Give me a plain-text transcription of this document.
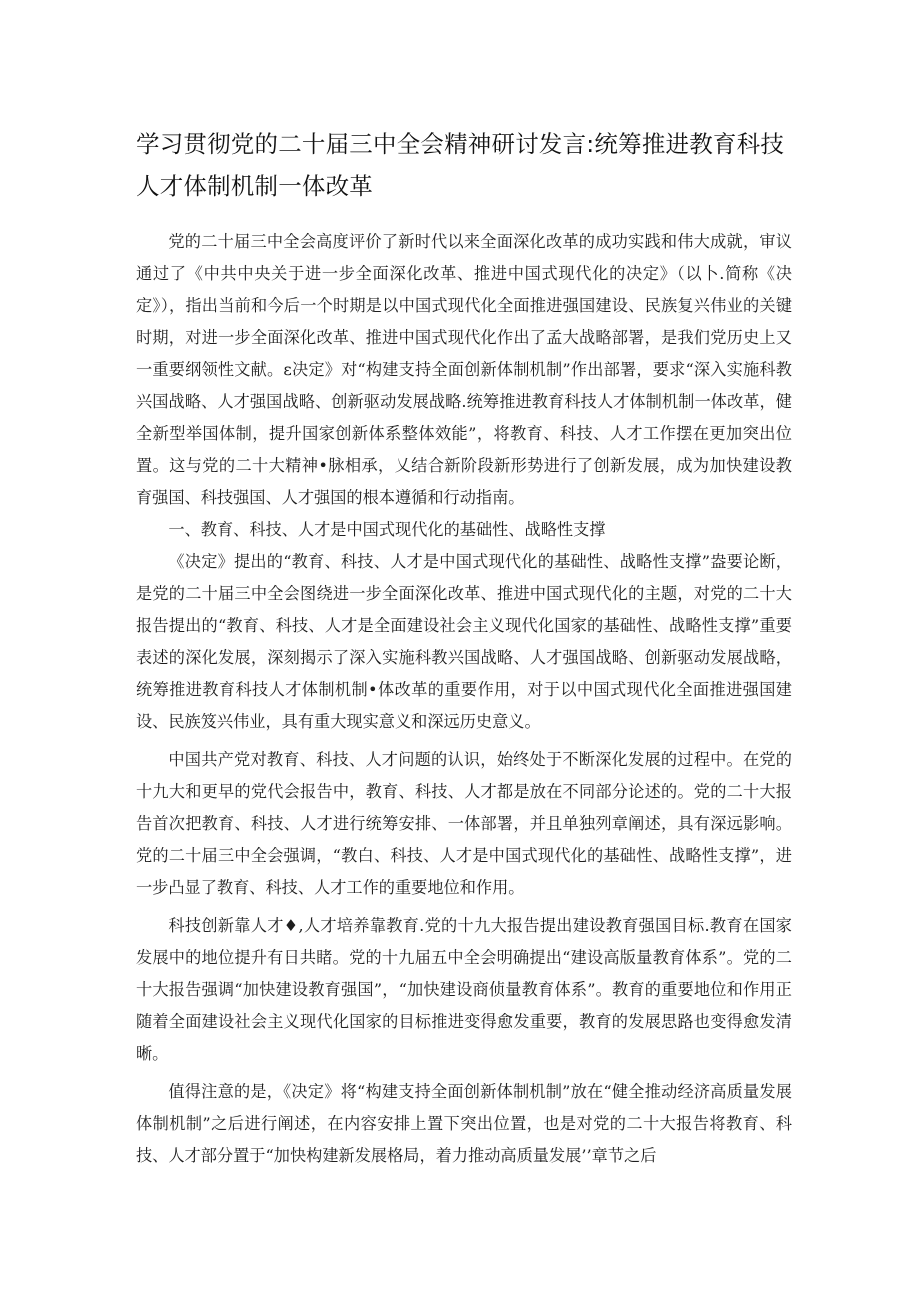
学习贯彻党的二十届三中全会精神研讨发言:统筹推进教育科技人才体制机制一体改革

党的二十届三中全会高度评价了新时代以来全面深化改革的成功实践和伟大成就，审议通过了《中共中央关于进一步全面深化改革、推进中国式现代化的决定》（以卜.简称《决定》），指出当前和今后一个时期是以中国式现代化全面推进强国建设、民族复兴伟业的关键时期，对进一步全面深化改革、推进中国式现代化作出了孟大战略部署，是我们党历史上又一重要纲领性文献。ε决定》对“构建支持全面创新体制机制”作出部署，要求“深入实施科教兴国战略、人才强国战略、创新驱动发展战略.统筹推进教育科技人才体制机制一体改革，健全新型举国体制，提升国家创新体系整体效能”，将教育、科技、人才工作摆在更加突出位置。这与党的二十大精神•脉相承，乂结合新阶段新形势进行了创新发展，成为加快建设教育强国、科技强国、人才强国的根本遵循和行动指南。

一、教育、科技、人才是中国式现代化的基础性、战略性支撑

《决定》提出的“教育、科技、人才是中国式现代化的基础性、战略性支撑”盎要论断，是党的二十届三中全会图绕进一步全面深化改革、推进中国式现代化的主题，对党的二十大报告提出的“教育、科技、人才是全面建设社会主义现代化国家的基础性、战略性支撑”重要表述的深化发展，深刻揭示了深入实施科教兴国战略、人才强国战略、创新驱动发展战略，统筹推进教育科技人才体制机制•体改革的重要作用，对于以中国式现代化全面推进强国建设、民族笈兴伟业，具有重大现实意义和深远历史意义。

中国共产党对教育、科技、人才问题的认识，始终处于不断深化发展的过程中。在党的十九大和更早的党代会报告中，教育、科技、人才都是放在不同部分论述的。党的二十大报告首次把教育、科技、人才进行统筹安排、一体部署，并且单独列章阐述，具有深远影响。党的二十届三中全会强调，“教白、科技、人才是中国式现代化的基础性、战略性支撑”，进一步凸显了教育、科技、人才工作的重要地位和作用。

科技创新靠人才♦,人才培养靠教育.党的十九大报告提出建设教育强国目标.教育在国家发展中的地位提升有日共睹。党的十九届五中全会明确提出“建设高版量教育体系”。党的二十大报告强调“加快建设教育强国”，“加快建设商侦量教育体系”。教育的重要地位和作用正随着全面建设社会主义现代化国家的目标推进变得愈发重要，教育的发展思路也变得愈发清晰。

值得注意的是，《决定》将“构建支持全面创新体制机制”放在“健全推动经济高质量发展体制机制”之后进行阐述，在内容安排上置下突出位置，也是对党的二十大报告将教育、科技、人才部分置于“加快构建新发展格局，着力推动高质量发展’’章节之后
